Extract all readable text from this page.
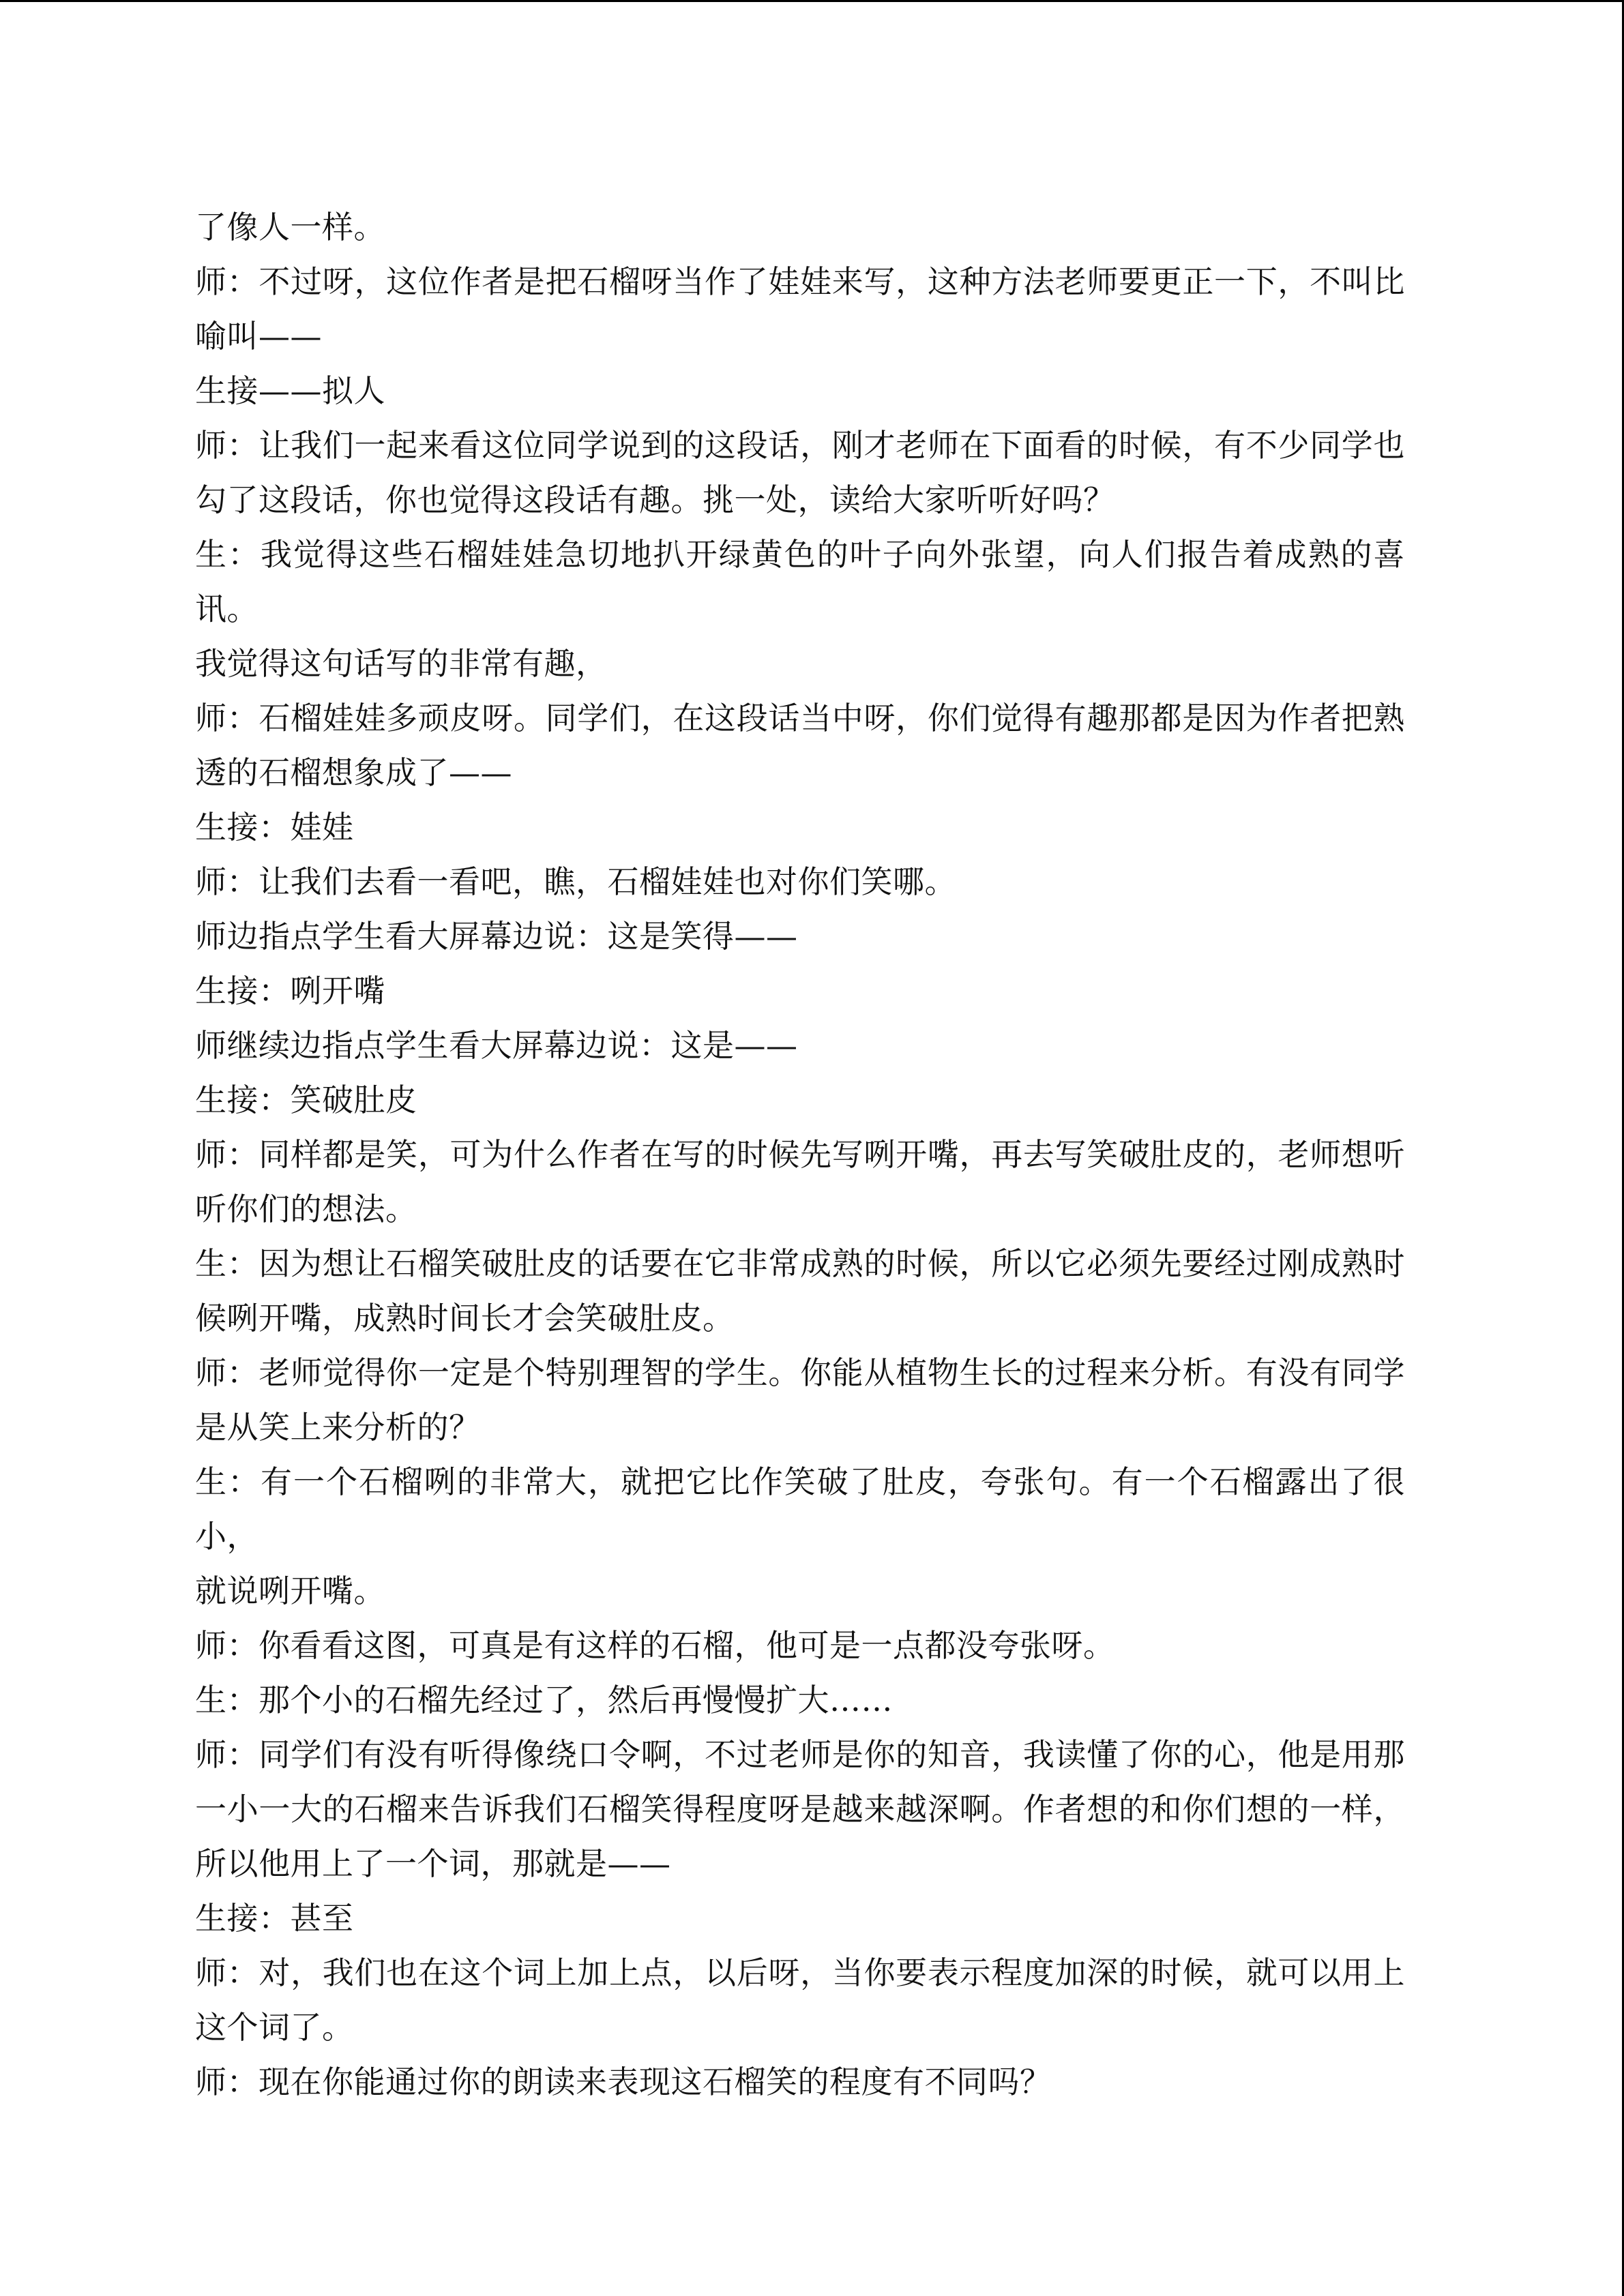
了像人一样。

师：不过呀，这位作者是把石榴呀当作了娃娃来写，这种方法老师要更正一下，不叫比喻叫——

生接——拟人

师：让我们一起来看这位同学说到的这段话，刚才老师在下面看的时候，有不少同学也勾了这段话，你也觉得这段话有趣。挑一处，读给大家听听好吗？

生：我觉得这些石榴娃娃急切地扒开绿黄色的叶子向外张望，向人们报告着成熟的喜讯。

我觉得这句话写的非常有趣，

师：石榴娃娃多顽皮呀。同学们，在这段话当中呀，你们觉得有趣那都是因为作者把熟透的石榴想象成了——

生接：娃娃

师：让我们去看一看吧，瞧，石榴娃娃也对你们笑哪。

师边指点学生看大屏幕边说：这是笑得——

生接：咧开嘴

师继续边指点学生看大屏幕边说：这是——

生接：笑破肚皮

师：同样都是笑，可为什么作者在写的时候先写咧开嘴，再去写笑破肚皮的，老师想听听你们的想法。

生：因为想让石榴笑破肚皮的话要在它非常成熟的时候，所以它必须先要经过刚成熟时候咧开嘴，成熟时间长才会笑破肚皮。

师：老师觉得你一定是个特别理智的学生。你能从植物生长的过程来分析。有没有同学是从笑上来分析的？

生：有一个石榴咧的非常大，就把它比作笑破了肚皮，夸张句。有一个石榴露出了很小，

就说咧开嘴。

师：你看看这图，可真是有这样的石榴，他可是一点都没夸张呀。

生：那个小的石榴先经过了，然后再慢慢扩大……

师：同学们有没有听得像绕口令啊，不过老师是你的知音，我读懂了你的心，他是用那一小一大的石榴来告诉我们石榴笑得程度呀是越来越深啊。作者想的和你们想的一样，所以他用上了一个词，那就是——

生接：甚至

师：对，我们也在这个词上加上点，以后呀，当你要表示程度加深的时候，就可以用上这个词了。

师：现在你能通过你的朗读来表现这石榴笑的程度有不同吗？
